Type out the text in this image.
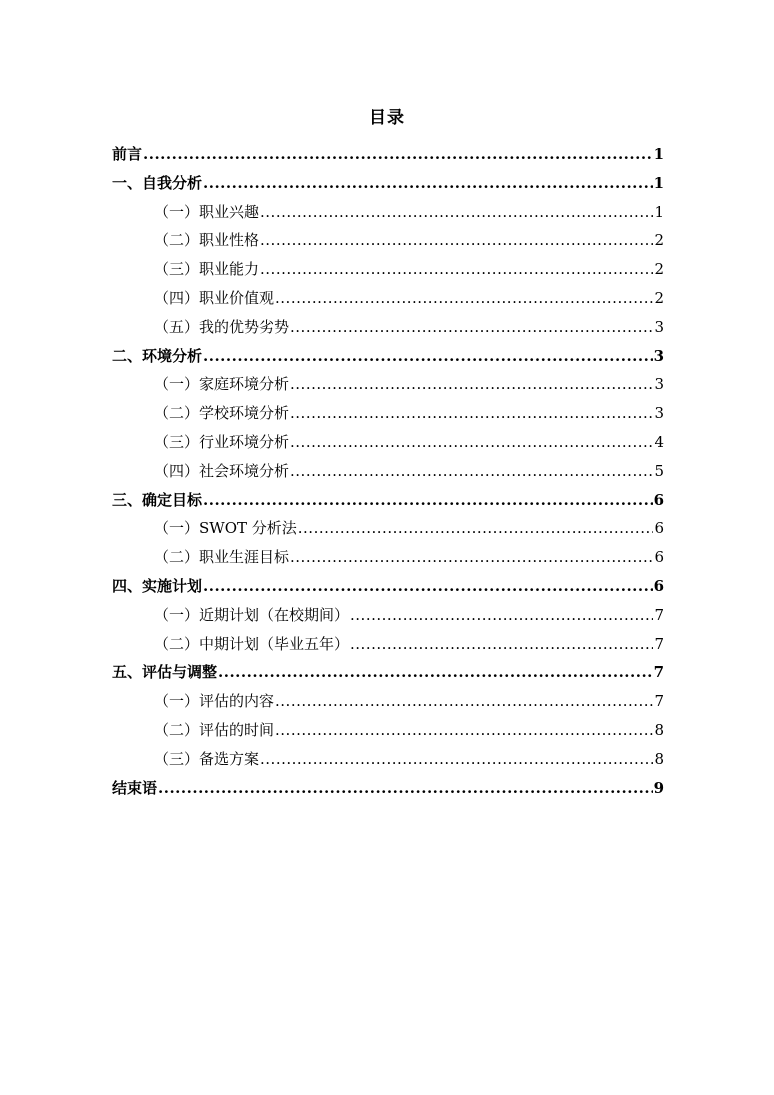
目录
前言 .....	1
一、自我分析 .....	1
（一）职业兴趣 .....	1
（二）职业性格 .....	2
（三）职业能力 .....	2
（四）职业价值观 .....	2
（五）我的优势劣势 .....	3
二、环境分析 .....	3
（一）家庭环境分析 .....	3
（二）学校环境分析 .....	3
（三）行业环境分析 .....	4
（四）社会环境分析 .....	5
三、确定目标 .....	6
（一）SWOT 分析法 .....	6
（二）职业生涯目标 .....	6
四、实施计划 .....	6
（一）近期计划（在校期间） .....	7
（二）中期计划（毕业五年） .....	7
五、评估与调整 .....	7
（一）评估的内容 .....	7
（二）评估的时间 .....	8
（三）备选方案 .....	8
结束语 .....	9
